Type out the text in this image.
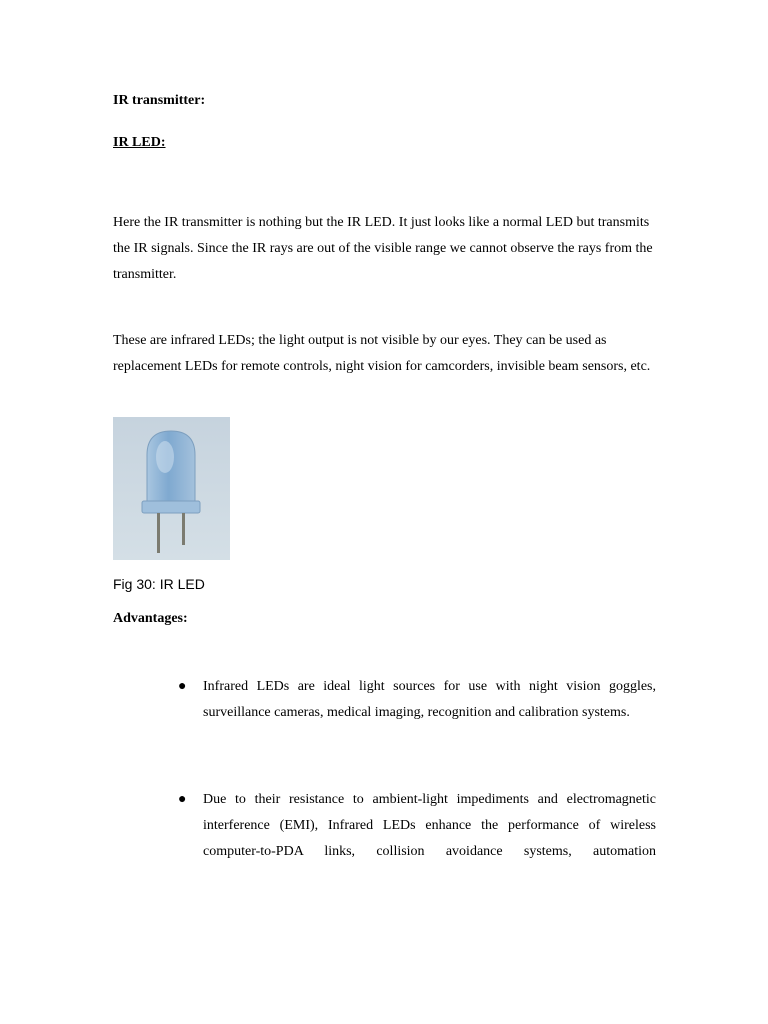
IR transmitter:
IR LED:
Here the IR transmitter is nothing but the IR LED. It just looks like a normal LED but transmits the IR signals. Since the IR rays are out of the visible range we cannot observe the rays from the transmitter.
These are infrared LEDs; the light output is not visible by our eyes. They can be used as replacement LEDs for remote controls, night vision for camcorders, invisible beam sensors, etc.
Fig 30: IR LED
Advantages:
●	Infrared LEDs are ideal light sources for use with night vision goggles, surveillance cameras, medical imaging, recognition and calibration systems.
●	Due to their resistance to ambient-light impediments and electromagnetic interference (EMI), Infrared LEDs enhance the performance of wireless computer-to-PDA links, collision avoidance systems, automation
